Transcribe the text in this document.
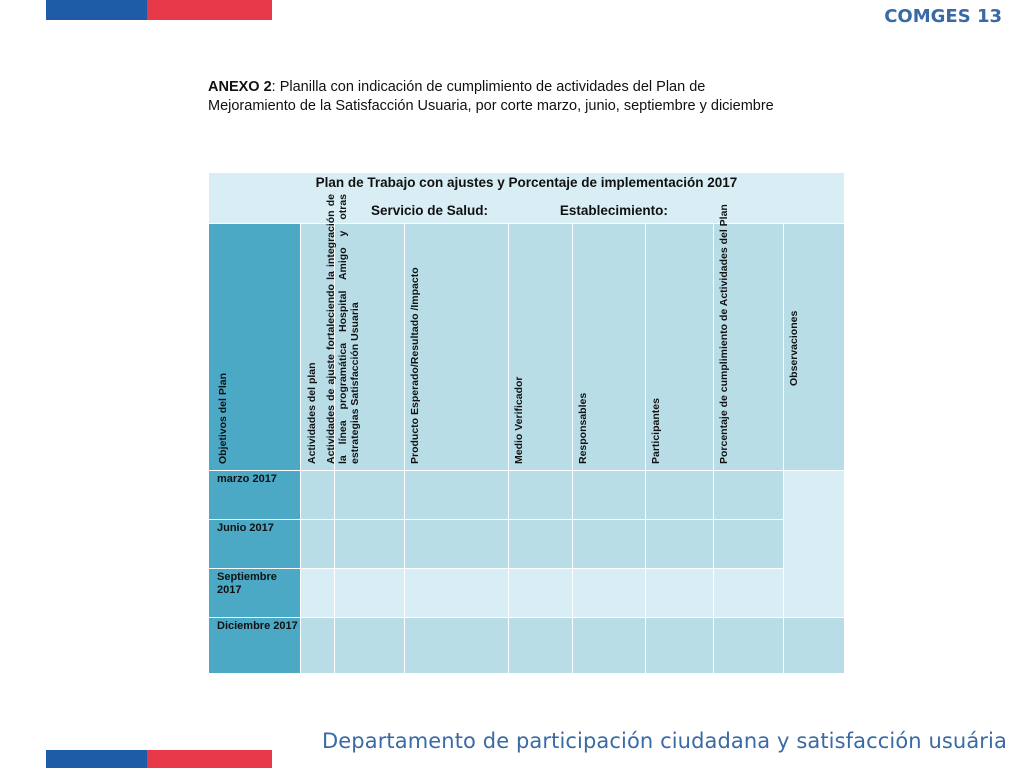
COMGES 13
ANEXO 2: Planilla con indicación de cumplimiento de actividades del Plan de Mejoramiento de la Satisfacción Usuaria, por corte marzo, junio, septiembre y diciembre
Plan de Trabajo con ajustes y Porcentaje de implementación 2017
Servicio de Salud: Establecimiento:								

Objetivos del Plan	Actividades del plan	Actividades de ajuste fortaleciendo la integración de la línea programática Hospital Amigo y otras estrategias Satisfacción Usuaria	Producto Esperado/Resultado /Impacto	Medio Verificador	Responsables	Participantes	Porcentaje de cumplimiento de Actividades del Plan	Observaciones

marzo 2017								
Junio 2017								
Septiembre 2017								
Diciembre 2017								
Departamento de participación ciudadana y satisfacción usuária
